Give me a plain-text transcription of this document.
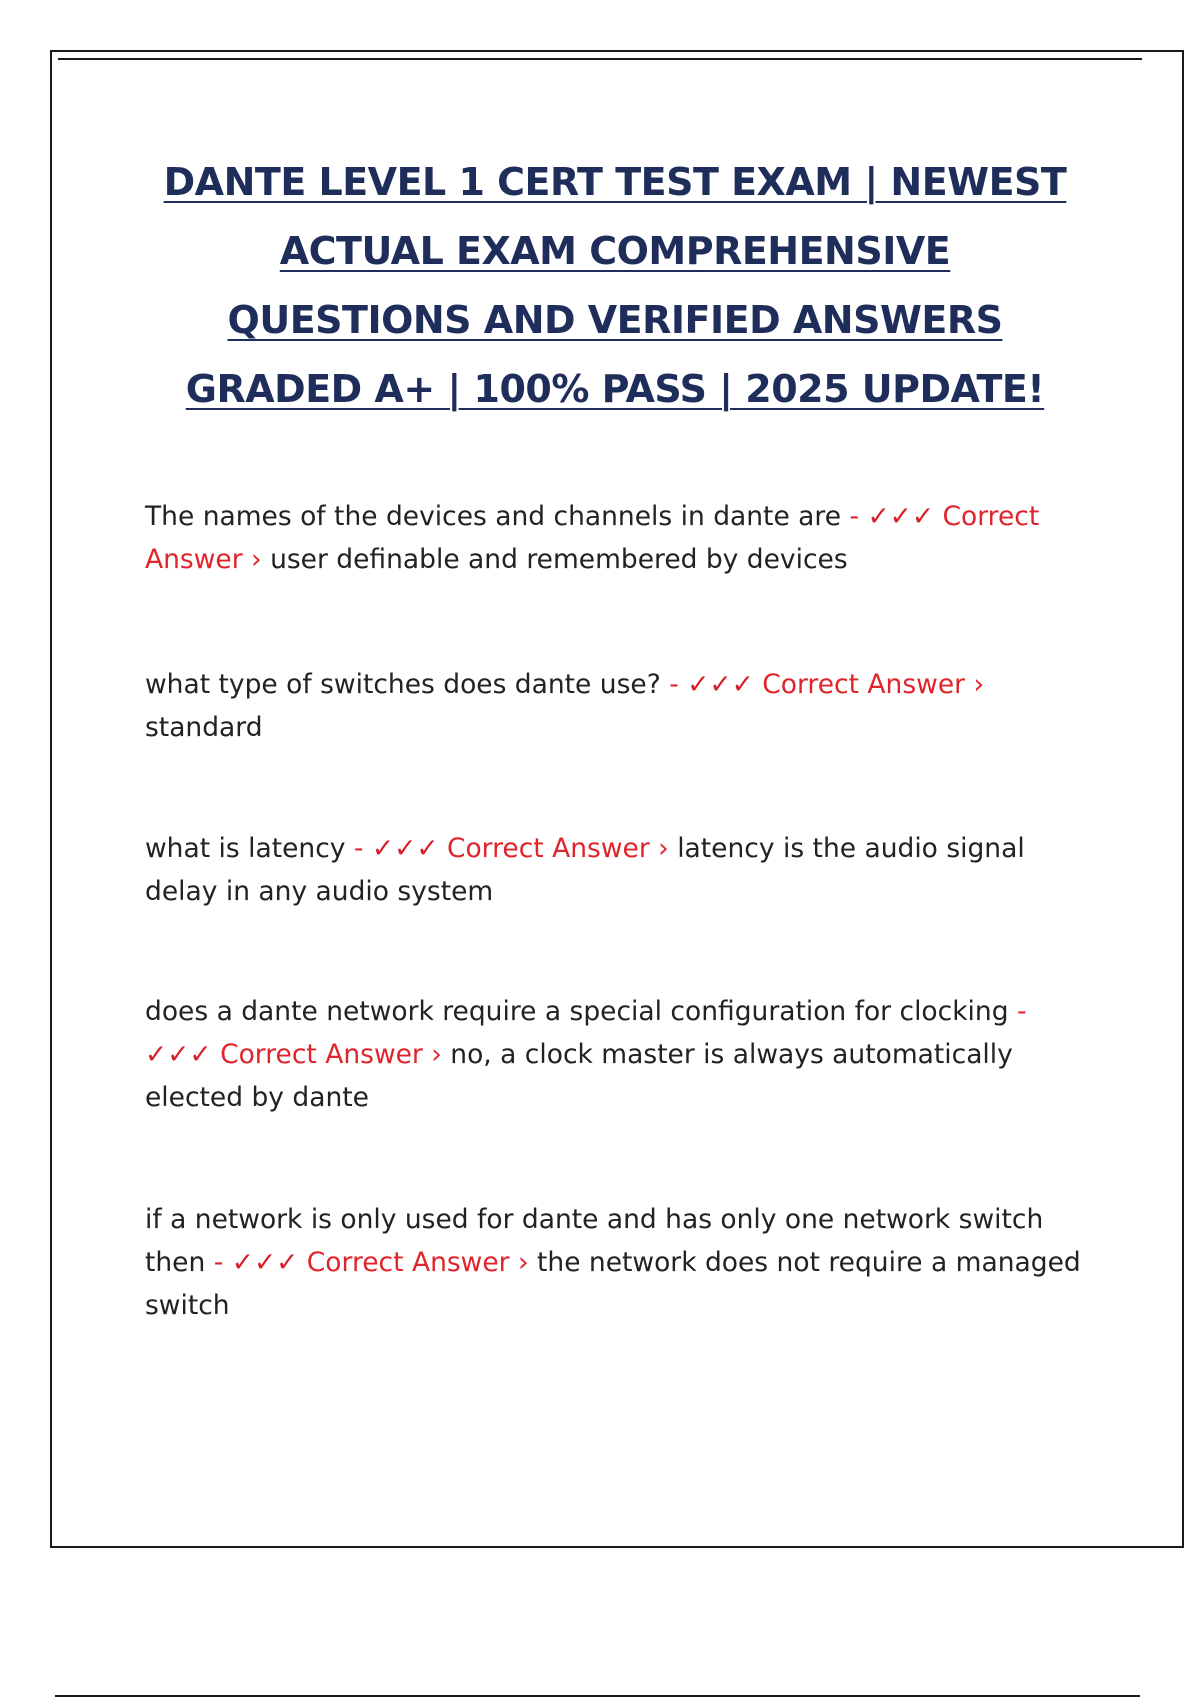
DANTE LEVEL 1 CERT TEST EXAM | NEWEST
ACTUAL EXAM COMPREHENSIVE
QUESTIONS AND VERIFIED ANSWERS
GRADED A+ | 100% PASS | 2025 UPDATE!
The names of the devices and channels in dante are - ✓✓✓ Correct Answer › user definable and remembered by devices
what type of switches does dante use? - ✓✓✓ Correct Answer › standard
what is latency - ✓✓✓ Correct Answer › latency is the audio signal delay in any audio system
does a dante network require a special configuration for clocking - ✓✓✓ Correct Answer › no, a clock master is always automatically elected by dante
if a network is only used for dante and has only one network switch then - ✓✓✓ Correct Answer › the network does not require a managed switch
